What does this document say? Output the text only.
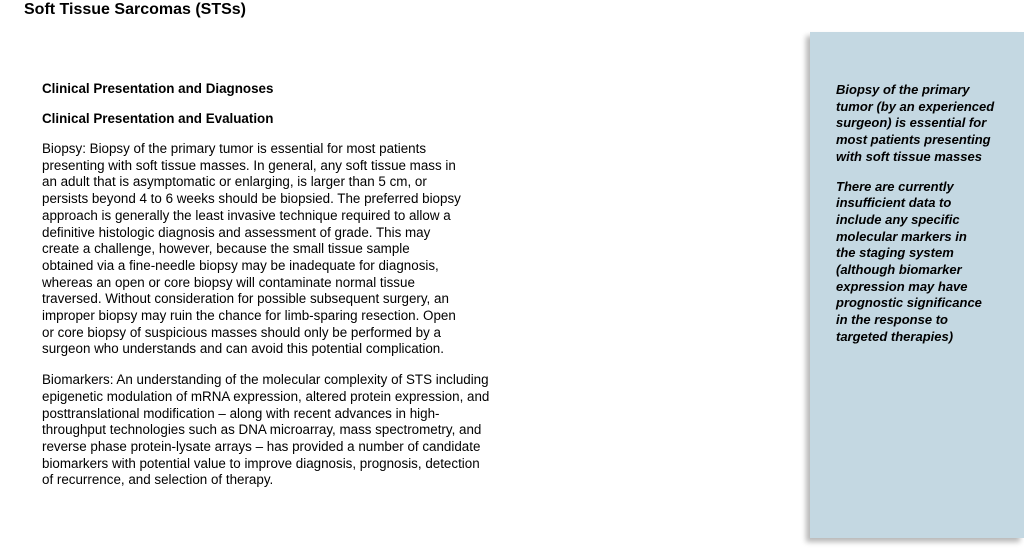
Soft Tissue Sarcomas (STSs)

Clinical Presentation and Diagnoses

Clinical Presentation and Evaluation

Biopsy: Biopsy of the primary tumor is essential for most patients
presenting with soft tissue masses. In general, any soft tissue mass in
an adult that is asymptomatic or enlarging, is larger than 5 cm, or
persists beyond 4 to 6 weeks should be biopsied. The preferred biopsy
approach is generally the least invasive technique required to allow a
definitive histologic diagnosis and assessment of grade. This may
create a challenge, however, because the small tissue sample
obtained via a fine-needle biopsy may be inadequate for diagnosis,
whereas an open or core biopsy will contaminate normal tissue
traversed. Without consideration for possible subsequent surgery, an
improper biopsy may ruin the chance for limb-sparing resection. Open
or core biopsy of suspicious masses should only be performed by a
surgeon who understands and can avoid this potential complication.

Biomarkers: An understanding of the molecular complexity of STS including
epigenetic modulation of mRNA expression, altered protein expression, and
posttranslational modification – along with recent advances in high-
throughput technologies such as DNA microarray, mass spectrometry, and
reverse phase protein-lysate arrays – has provided a number of candidate
biomarkers with potential value to improve diagnosis, prognosis, detection
of recurrence, and selection of therapy.

Biopsy of the primary
tumor (by an experienced
surgeon) is essential for
most patients presenting
with soft tissue masses

There are currently
insufficient data to
include any specific
molecular markers in
the staging system
(although biomarker
expression may have
prognostic significance
in the response to
targeted therapies)
